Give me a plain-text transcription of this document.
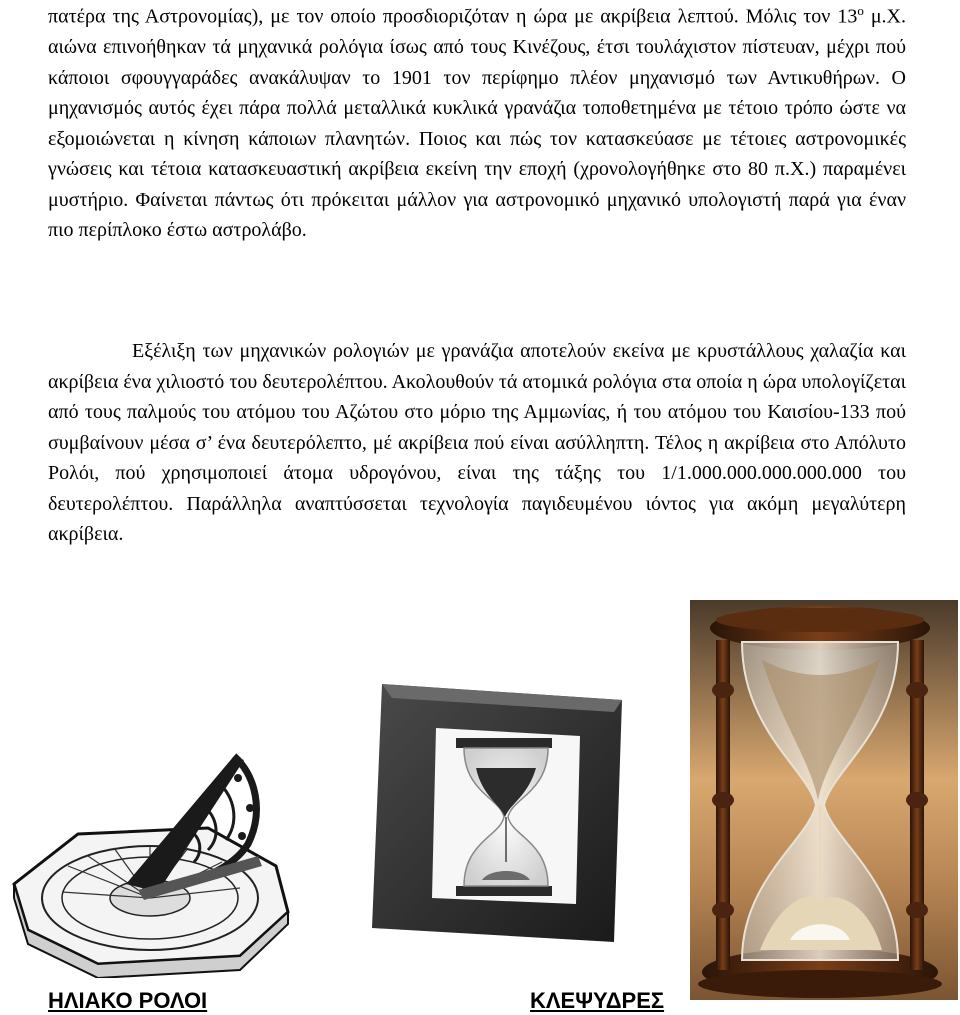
πατέρα της Αστρονομίας), με τον οποίο προσδιοριζόταν η ώρα με ακρίβεια λεπτού. Μόλις τον $13^o$ μ.Χ. αιώνα επινοήθηκαν τά μηχανικά ρολόγια ίσως από τους Κινέζους, έτσι τουλάχιστον πίστευαν, μέχρι πού κάποιοι σφουγγαράδες ανακάλυψαν το 1901 τον περίφημο πλέον μηχανισμό των Αντικυθήρων. Ο μηχανισμός αυτός έχει πάρα πολλά μεταλλικά κυκλικά γρανάζια τοποθετημένα με τέτοιο τρόπο ώστε να εξομοιώνεται η κίνηση κάποιων πλανητών. Ποιος και πώς τον κατασκεύασε με τέτοιες αστρονομικές γνώσεις και τέτοια κατασκευαστική ακρίβεια εκείνη την εποχή (χρονολογήθηκε στο 80 π.Χ.) παραμένει μυστήριο. Φαίνεται πάντως ότι πρόκειται μάλλον για αστρονομικό μηχανικό υπολογιστή παρά για έναν πιο περίπλοκο έστω αστρολάβο.

Εξέλιξη των μηχανικών ρολογιών με γρανάζια αποτελούν εκείνα με κρυστάλλους χαλαζία και ακρίβεια ένα χιλιοστό του δευτερολέπτου. Ακολουθούν τά ατομικά ρολόγια στα οποία η ώρα υπολογίζεται από τους παλμούς του ατόμου του Αζώτου στο μόριο της Αμμωνίας, ή του ατόμου του Καισίου-133 πού συμβαίνουν μέσα σ’ ένα δευτερόλεπτο, μέ ακρίβεια πού είναι ασύλληπτη. Τέλος η ακρίβεια στο Απόλυτο Ρολόι, πού χρησιμοποιεί άτομα υδρογόνου, είναι της τάξης του 1/1.000.000.000.000.000 του δευτερολέπτου. Παράλληλα αναπτύσσεται τεχνολογία παγιδευμένου ιόντος για ακόμη μεγαλύτερη ακρίβεια.

ΗΛΙΑΚΟ ΡΟΛΟΙ	ΚΛΕΨΥΔΡΕΣ
